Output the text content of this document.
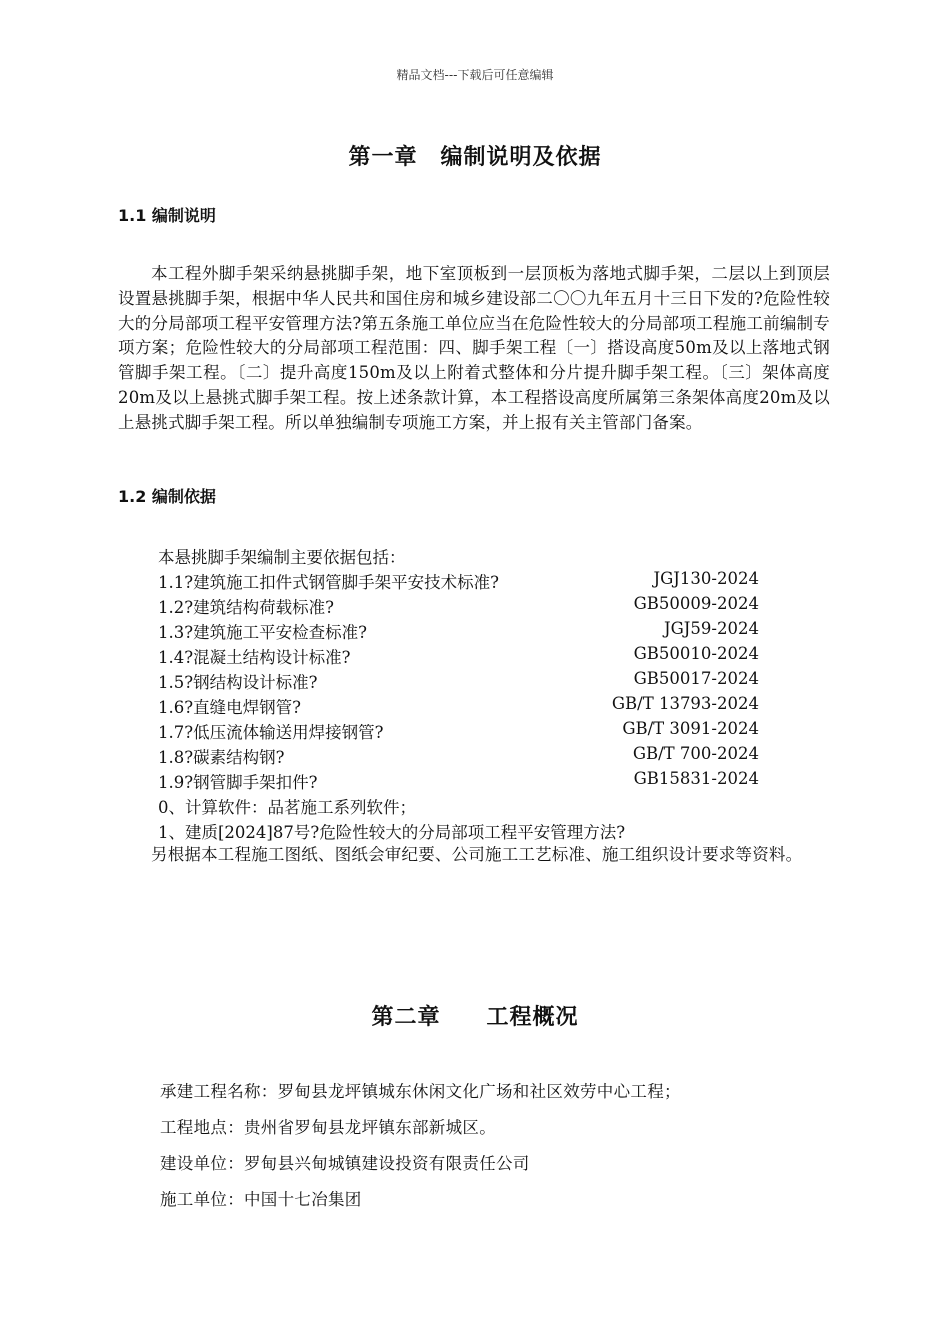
精品文档---下载后可任意编辑
第一章　编制说明及依据
1.1 编制说明

本工程外脚手架采纳悬挑脚手架，地下室顶板到一层顶板为落地式脚手架，二层以上到顶层设置悬挑脚手架，根据中华人民共和国住房和城乡建设部二〇〇九年五月十三日下发的?危险性较大的分局部项工程平安管理方法?第五条施工单位应当在危险性较大的分局部项工程施工前编制专项方案；危险性较大的分局部项工程范围：四、脚手架工程〔一〕搭设高度50m及以上落地式钢管脚手架工程。〔二〕提升高度150m及以上附着式整体和分片提升脚手架工程。〔三〕架体高度20m及以上悬挑式脚手架工程。按上述条款计算，本工程搭设高度所属第三条架体高度20m及以上悬挑式脚手架工程。所以单独编制专项施工方案，并上报有关主管部门备案。

1.2 编制依据
本悬挑脚手架编制主要依据包括：
1.1?建筑施工扣件式钢管脚手架平安技术标准?	JGJ130-2024
1.2?建筑结构荷载标准?	GB50009-2024
1.3?建筑施工平安检查标准?	JGJ59-2024
1.4?混凝土结构设计标准?	GB50010-2024
1.5?钢结构设计标准?	GB50017-2024
1.6?直缝电焊钢管?	GB/T 13793-2024
1.7?低压流体输送用焊接钢管?	GB/T 3091-2024
1.8?碳素结构钢?	GB/T 700-2024
1.9?钢管脚手架扣件?	GB15831-2024
0、计算软件：品茗施工系列软件；
1、建质[2024]87号?危险性较大的分局部项工程平安管理方法?

另根据本工程施工图纸、图纸会审纪要、公司施工工艺标准、施工组织设计要求等资料。

第二章　　工程概况
承建工程名称：罗甸县龙坪镇城东休闲文化广场和社区效劳中心工程；
工程地点：贵州省罗甸县龙坪镇东部新城区。
建设单位：罗甸县兴甸城镇建设投资有限责任公司
施工单位：中国十七冶集团
